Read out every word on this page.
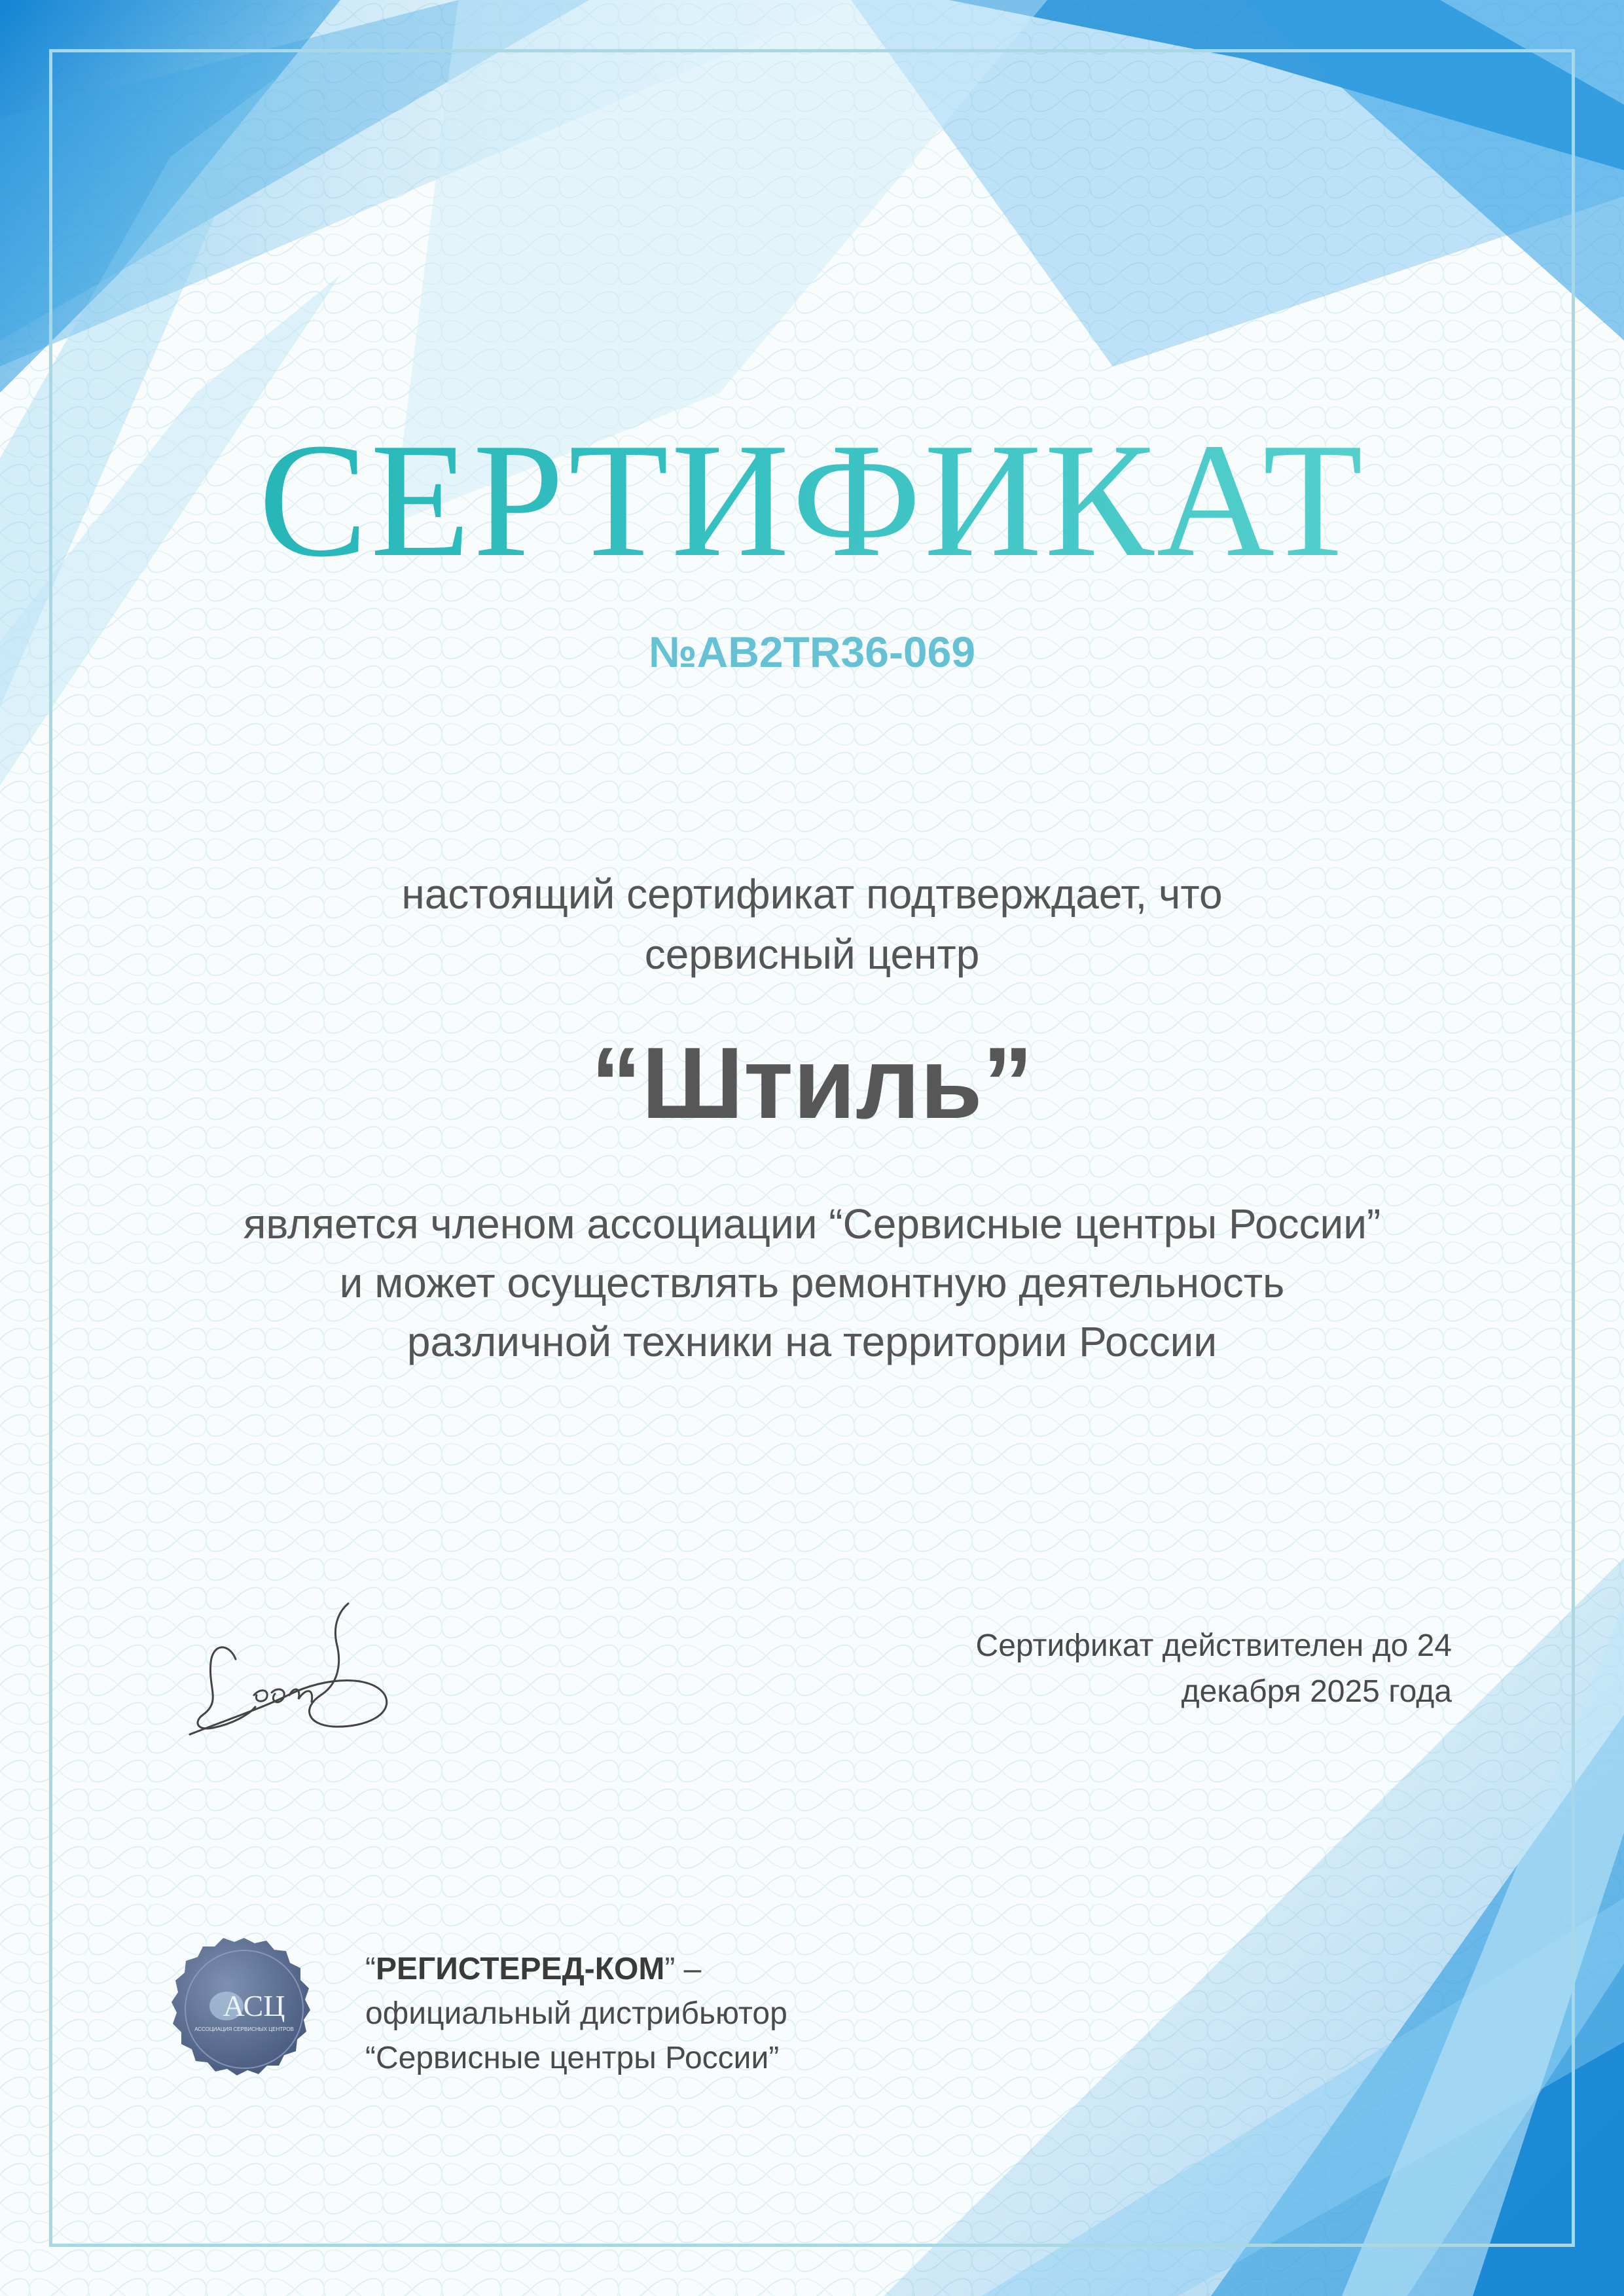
СЕРТИФИКАТ
№AB2TR36-069
настоящий сертификат подтверждает, что
сервисный центр
“Штиль”
является членом ассоциации “Сервисные центры России”
и может осуществлять ремонтную деятельность
различной техники на территории России
Сертификат действителен до 24
декабря 2025 года
АСЦ
АССОЦИАЦИЯ СЕРВИСНЫХ ЦЕНТРОВ
“РЕГИСТЕРЕД-КОМ” –
официальный дистрибьютор
“Сервисные центры России”
